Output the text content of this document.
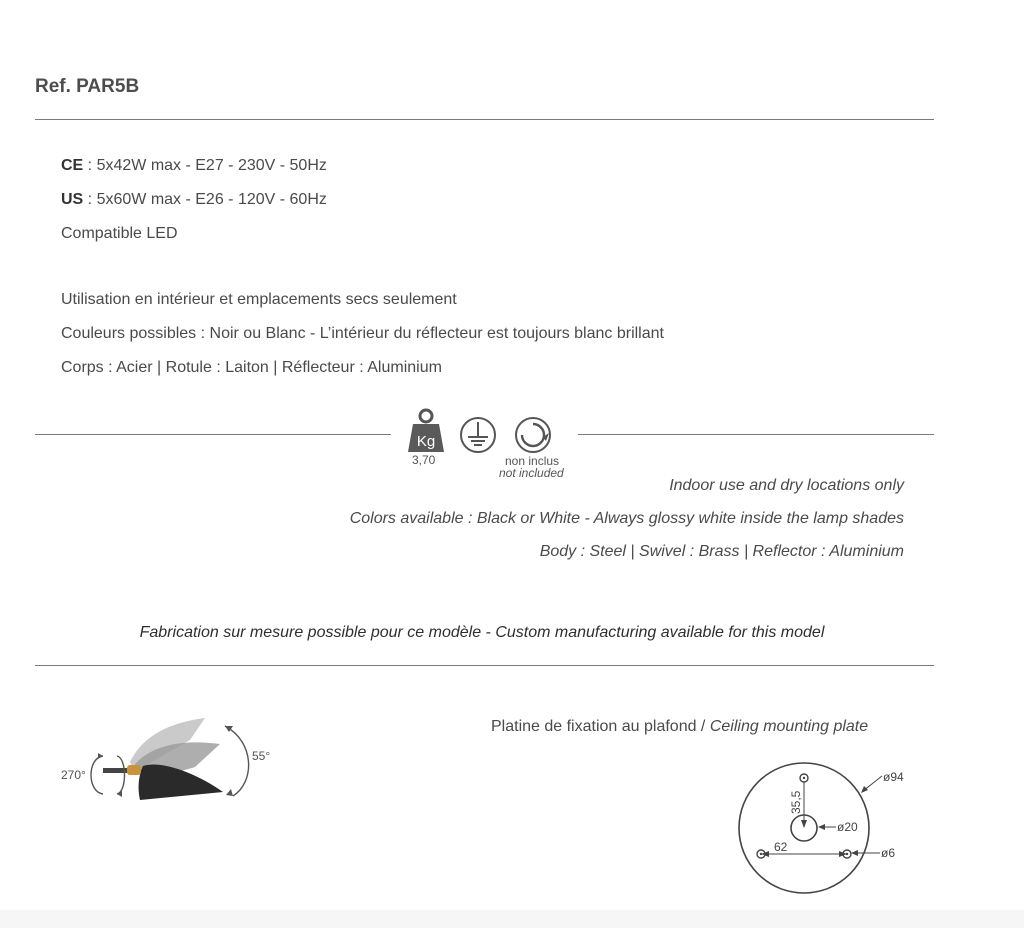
Ref. PAR5B
CE : 5x42W max - E27 - 230V - 50Hz
US : 5x60W max - E26 - 120V - 60Hz
Compatible LED
Utilisation en intérieur et emplacements secs seulement
Couleurs possibles : Noir ou Blanc - L’intérieur du réflecteur est toujours blanc brillant
Corps : Acier | Rotule : Laiton | Réflecteur : Aluminium
Kg
3,70	non inclus
not included
Indoor use and dry locations only
Colors available : Black or White - Always glossy white inside the lamp shades
Body : Steel | Swivel : Brass | Reflector : Aluminium
Fabrication sur mesure possible pour ce modèle - Custom manufacturing available for this model
270°
55°
Platine de fixation au plafond / Ceiling mounting plate
ø94
ø20
ø6
62
35,5
